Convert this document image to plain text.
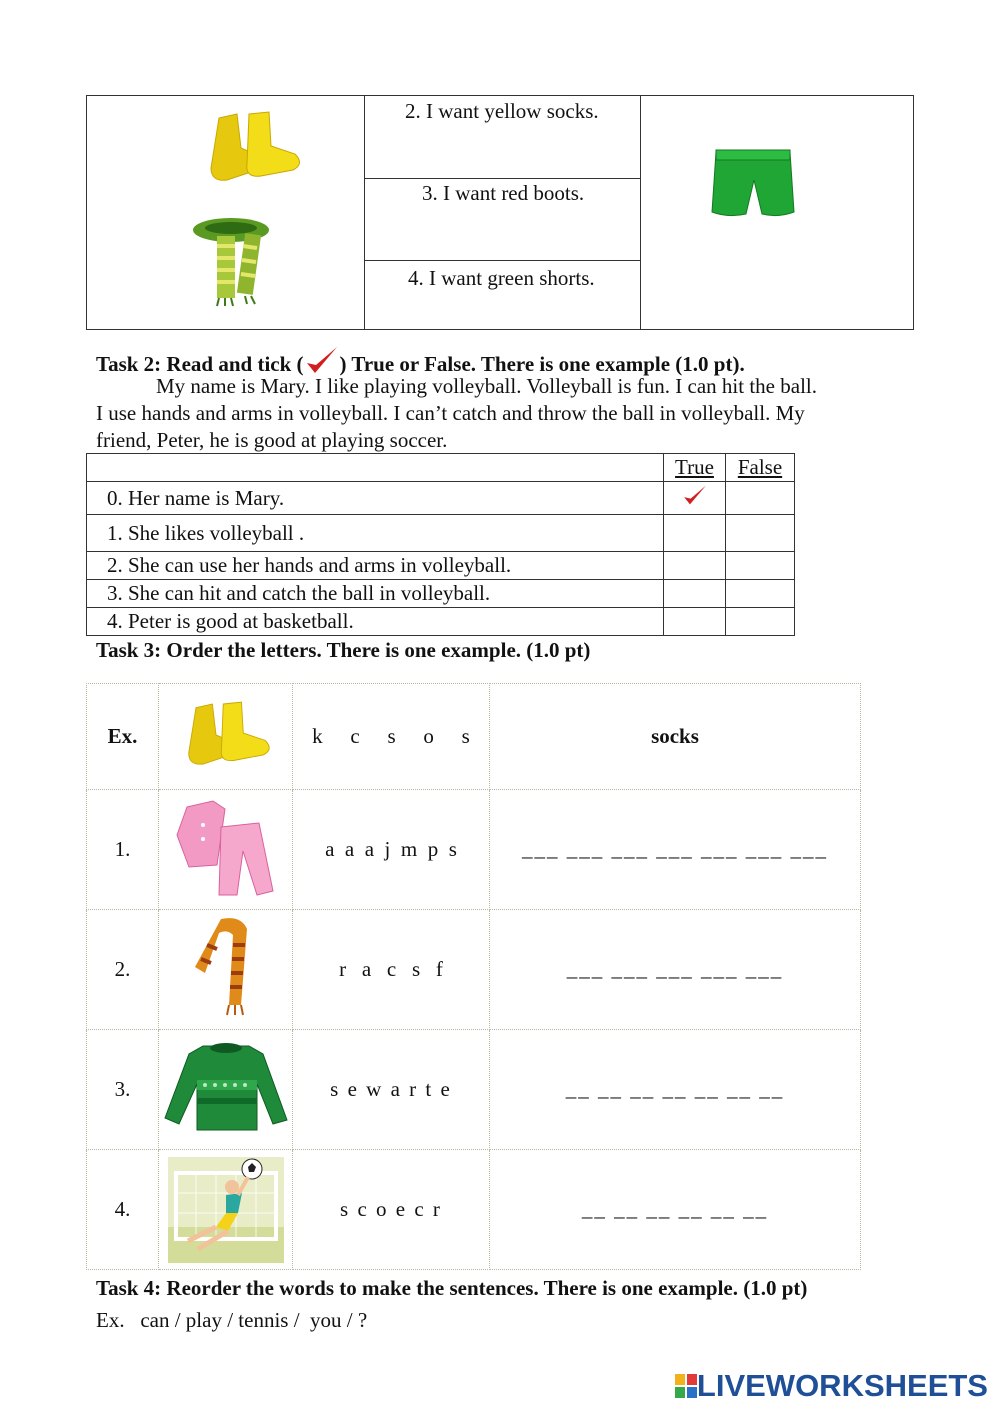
2. I want yellow socks.
3. I want red boots.
4. I want green shorts.
Task 2: Read and tick ( ) True or False. There is one example (1.0 pt).
My name is Mary. I like playing volleyball. Volleyball is fun. I can hit the ball.
I use hands and arms in volleyball. I can’t catch and throw the ball in volleyball. My
friend, Peter, he is good at playing soccer.
	True	False
0. Her name is Mary.		
1. She likes volleyball .		
2. She can use her hands and arms in volleyball.		
3. She can hit and catch the ball in volleyball.		
4. Peter is good at basketball.		
Task 3: Order the letters. There is one example. (1.0 pt)
Ex.		k   c   s   o   s	socks
1.		a  a  a  j  m  p  s	___ ___ ___ ___ ___ ___ ___
2.		r   a   c   s   f	___ ___ ___ ___ ___
3.		s e w a r t e	__ __ __ __ __ __ __
4.		s c o e c r	__ __ __ __ __ __
Task 4: Reorder the words to make the sentences. There is one example. (1.0 pt)
Ex.   can / play / tennis /  you / ?
LIVEWORKSHEETS
